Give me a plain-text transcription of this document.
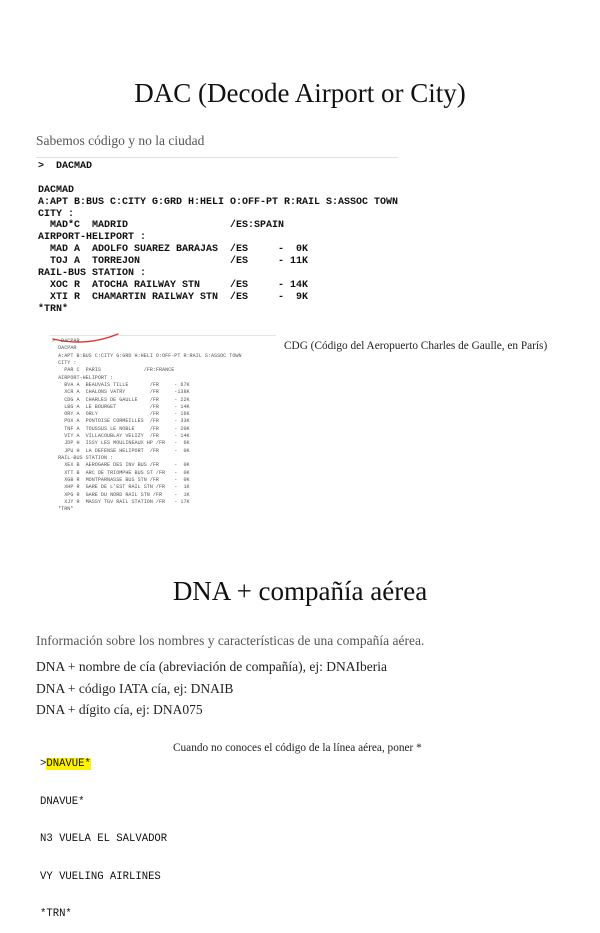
DAC (Decode Airport or City)
Sabemos código y no la ciudad
>  DACMAD
DACMAD
A:APT B:BUS C:CITY G:GRD H:HELI O:OFF-PT R:RAIL S:ASSOC TOWN
CITY :
MAD*C  MADRID                 /ES:SPAIN
AIRPORT-HELIPORT :
MAD A  ADOLFO SUAREZ BARAJAS  /ES     -  0K
TOJ A  TORREJON               /ES     - 11K
RAIL-BUS STATION :
XOC R  ATOCHA RAILWAY STN     /ES     - 14K
XTI R  CHAMARTIN RAILWAY STN  /ES     -  9K
*TRN*
>  DACPAR
DACPAR
A:APT B:BUS C:CITY G:GRD H:HELI O:OFF-PT R:RAIL S:ASSOC TOWN
CITY :
PAR C  PARIS              /FR:FRANCE
AIRPORT-HELIPORT :
BVA A  BEAUVAIS TILLE       /FR     - 67K
XCR A  CHALONS VATRY        /FR     -138K
CDG A  CHARLES DE GAULLE    /FR     - 22K
LBG A  LE BOURGET           /FR     - 14K
ORY A  ORLY                 /FR     - 16K
POX A  PONTOISE CORMEILLES  /FR     - 33K
TNF A  TOUSSUS LE NOBLE     /FR     - 20K
VIY A  VILLACOUBLAY VELIZY  /FR     - 14K
JDP H  ISSY LES MOULINEAUX HP /FR   -  6K
JPU H  LA DEFENSE HELIPORT  /FR     -  0K
RAIL-BUS STATION :
XEX B  AEROGARE DES INV BUS /FR     -  0K
XTT B  ARC DE TRIOMPHE BUS ST /FR   -  0K
XGB R  MONTPARNASSE BUS STN /FR     -  0K
XHP R  GARE DE L'EST RAIL STN /FR   -  1K
XPG R  GARE DU NORD RAIL STN /FR    -  1K
XJY R  MASSY TGV RAIL STATION /FR   - 17K
*TRN*
CDG (Código del Aeropuerto Charles de Gaulle, en París)
DNA + compañía aérea
Información sobre los nombres y características de una compañía aérea.
DNA + nombre de cía (abreviación de compañía), ej: DNAIberia
DNA + código IATA cía, ej: DNAIB
DNA + dígito cía, ej: DNA075

>DNAVUE*

DNAVUE*

N3 VUELA EL SALVADOR

VY VUELING AIRLINES

*TRN*

Cuando no conoces el código de la línea aérea, poner *
